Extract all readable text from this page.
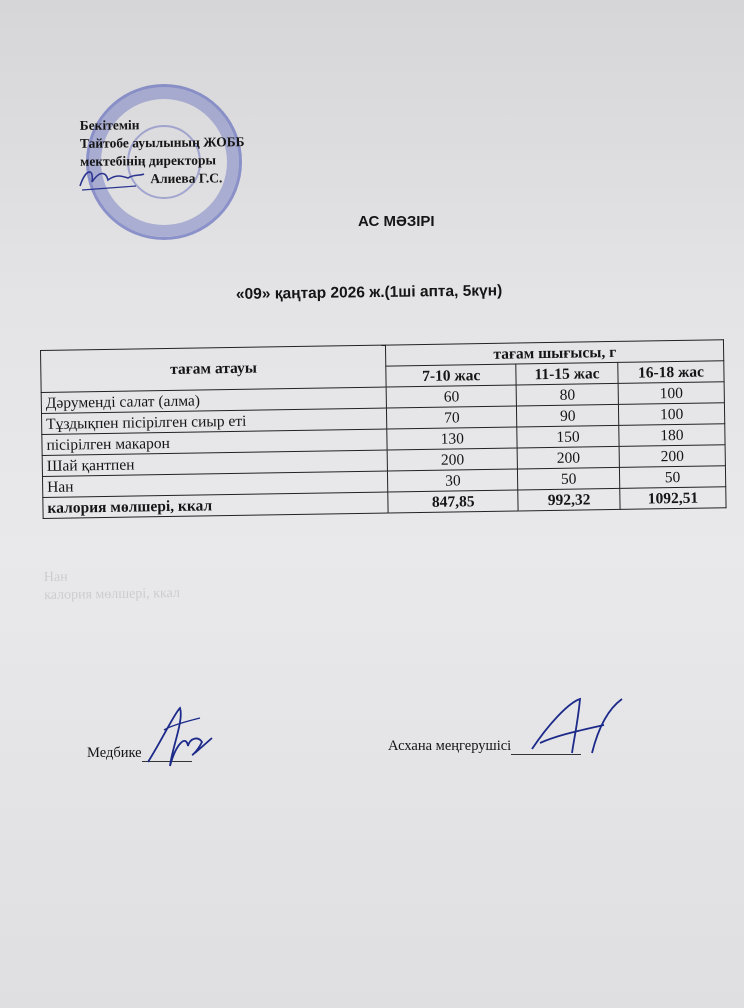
Бекітемін
Тайтобе ауылының ЖОББ
мектебінің директоры
Алиева Г.С.
АС МӘЗІРІ
«09» қаңтар 2026 ж.(1ші апта, 5күн)
тағам атауы	тағам шығысы, г		
	7-10 жас	11-15 жас	16-18 жас
Дәруменді салат (алма)	60	80	100
Тұздықпен пісірілген сиыр еті	70	90	100
пісірілген макарон	130	150	180
Шай қантпен	200	200	200
Нан	30	50	50
калория мөлшері, ккал	847,85	992,32	1092,51
Нан
калория мөлшері, ккал
Медбике	Асхана меңгерушісі
